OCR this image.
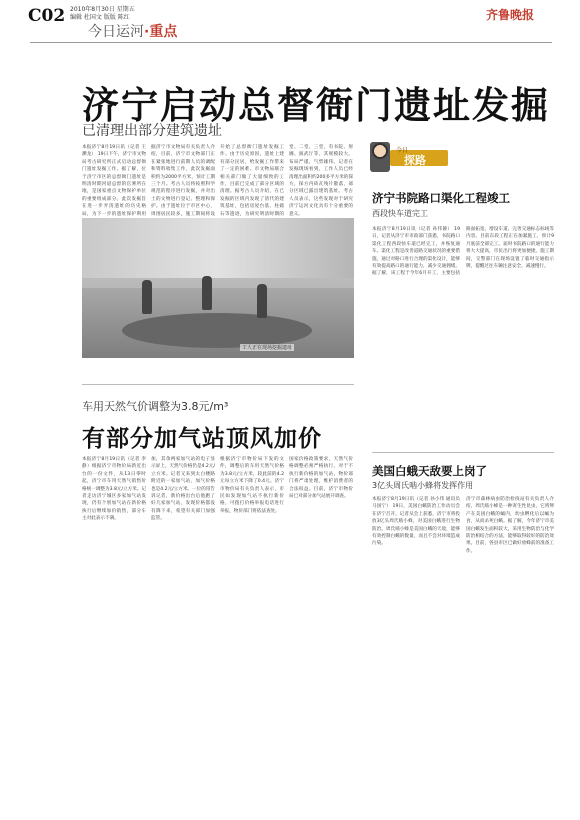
C02 2010年8月30日 星期五
编辑 杜国文 版版 陈红	齐鲁晚报
今日运河·重点
济宁启动总督衙门遗址发掘
已清理出部分建筑遗址
本报济宁8月19日讯（记者 王渊龙） 19日下午，济宁市文物局考古研究所正式启动总督衙门遗址发掘工作。据了解，位于济宁市区的总督衙门遗址是明清时期河道总督的官署所在地，是国家重点文物保护单位的重要组成部分。此次发掘旨在进一步弄清遗址的历史格局，为下一步的遗址保护利用
据济宁市文物局有关负责人介绍，目前，济宁市文物部门正在紧张地进行前期人员的调配和资料收集工作，此次发掘面积约为2000平方米，预计工期三个月。考古人员将按照科学规范的程序进行发掘，并对出土的文物进行登记、整理和保护。由于遗址位于市区中心，周围居民较多，施工期间将设
开始了总督衙门遗址发掘工作。由于历史原因，遗址上建有部分民居，给发掘工作带来了一定的困难。市文物局联合相关部门做了大量细致的工作，目前已完成了部分区域的清理。据考古人员介绍，在已发掘的区域内发现了清代的建筑基址，包括房屋台基、柱础石等遗迹，为研究明清时期的
堂、二堂、三堂，有书院、射圃、演武厅等，其规模较大，布局严谨，气势雄伟。记者在发掘现场看到，工作人员已经清理出面积约200多平方米的探方，探方内砖瓦残片散落，部分区域已露出建筑基址。考古人员表示，这些发现对于研究济宁运河文化具有十分重要的意义。
工人正在现场挖掘遗址
车用天然气价调整为3.8元/m³
有部分加气站顶风加价
本报济宁8月19日讯（记者 李静）根据济宁市物价局新近出台的一份文件，从13日零时起，济宁市车用天然气销售价格统一调整为3.8元/立方米。记者走访济宁城区多家加气站发现，仍有个别加气站在新价格执行后继续加价销售，部分车主对此表示不满。
加，其余两家加气站的电子显示屏上，天然气价格仍是4.2元/立方米。记者又来到太白楼路附近的一家加气站，加气价格也是4.2元/立方米。一位的哥告诉记者，新价格出台后他跑了好几家加气站，发现价格都没有降下来，希望有关部门加强监管。
根据济宁市物价局下发的文件，调整后的车用天然气价格为3.8元/立方米，较此前的4.2元每立方米下降了0.4元。济宁市物价局有关负责人表示，市民如发现加气站不执行新价格，可拨打价格举报电话进行举报，物价部门将依法查处。
国家价格政策要求，天然气价格调整必须严格执行，对于不执行新价格的加气站，物价部门将严肃处理，维护消费者的合法权益。目前，济宁市物价局已对部分加气站展开调查。
今日
探路
济宁书院路口渠化工程竣工
西段快车道完工
本报济宁8月19日讯（记者 孙伟静） 19日，记者从济宁市市政部门获悉，书院路口渠化工程西段快车道已经完工，并恢复通车。渠化工程是改善道路交通状况的重要措施，通过对路口进行合理的渠化设计，能够有效提高路口的通行能力，减少交通拥堵。据了解，该工程于今年6月开工，主要包括路面拓宽、增设车道、完善交通标志标线等内容。目前东段工程正在加紧施工，预计9月底前全部完工。届时书院路口的通行能力将大大提高，市民出行将更加便捷。施工期间，交警部门在现场设置了临时交通指示牌，提醒过往车辆注意安全、减速慢行。
美国白蛾天敌要上岗了
3亿头周氏啮小蜂将发挥作用
本报济宁8月19日讯（记者 孙小伟 通讯员 马国宁） 19日，美国白蛾防治工作动员会在济宁召开。记者从会上获悉，济宁市将投放3亿头周氏啮小蜂，对美国白蛾进行生物防治。周氏啮小蜂是美国白蛾的天敌，能够有效控制白蛾的数量，而且不会对环境造成污染。
济宁市森林病虫防治检疫站有关负责人介绍，周氏啮小蜂是一种寄生性昆虫，它将卵产在美国白蛾的蛹内，幼虫孵化后以蛹为食，从而杀死白蛾。据了解，今年济宁市美国白蛾发生面积较大，采用生物防治与化学防治相结合的方法，能够取得较好的防治效果。目前，各县市区已做好放蜂前的准备工作。
